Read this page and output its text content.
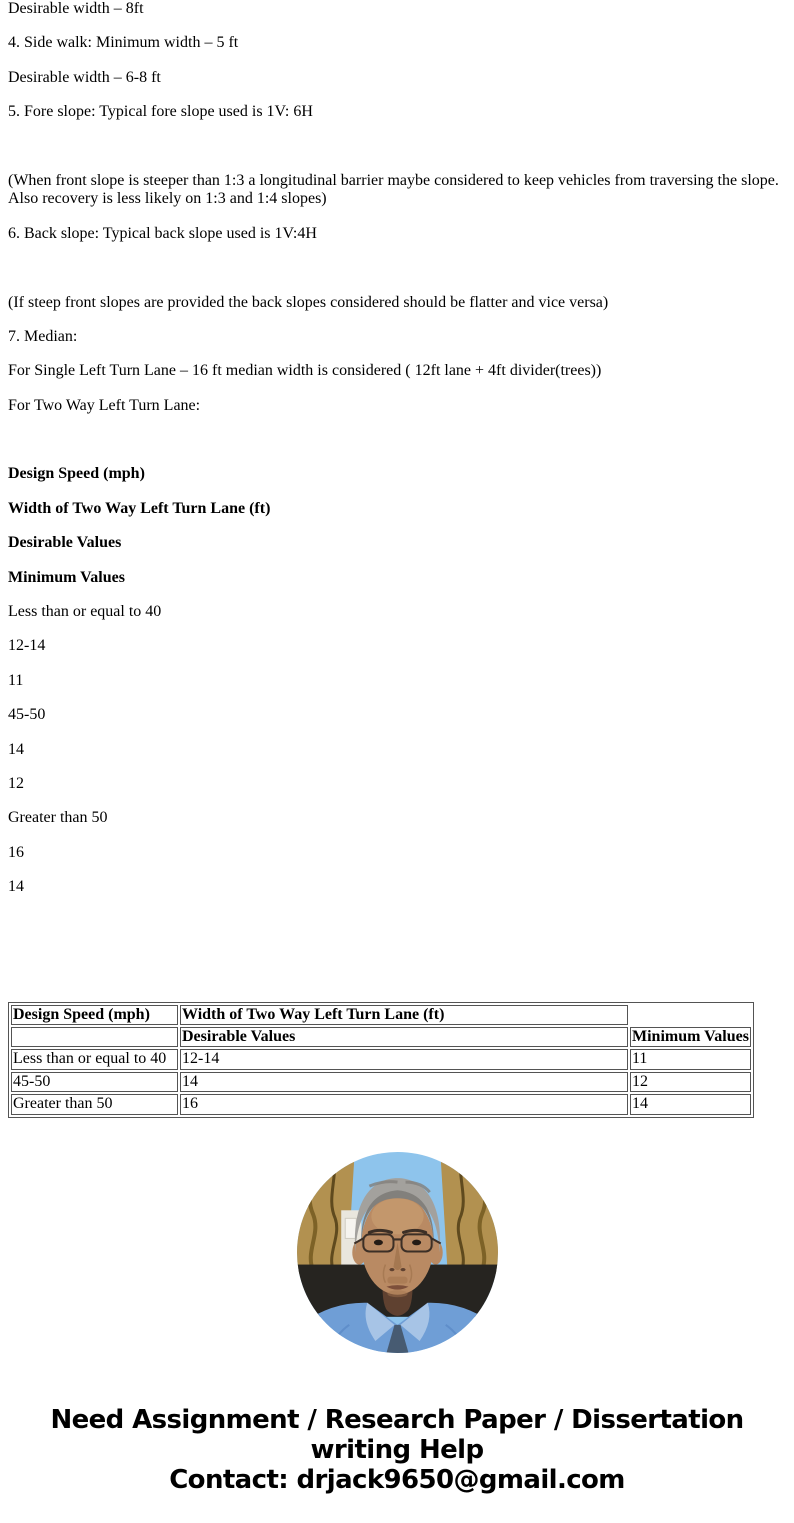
Desirable width – 8ft

4. Side walk: Minimum width – 5 ft

Desirable width – 6-8 ft

5. Fore slope: Typical fore slope used is 1V: 6H

(When front slope is steeper than 1:3 a longitudinal barrier maybe considered to keep vehicles from traversing the slope. Also recovery is less likely on 1:3 and 1:4 slopes)

6. Back slope: Typical back slope used is 1V:4H

(If steep front slopes are provided the back slopes considered should be flatter and vice versa)

7. Median:

For Single Left Turn Lane – 16 ft median width is considered ( 12ft lane + 4ft divider(trees))

For Two Way Left Turn Lane:

Design Speed (mph)

Width of Two Way Left Turn Lane (ft)

Desirable Values

Minimum Values

Less than or equal to 40

12-14

11

45-50

14

12

Greater than 50

16

14

Design Speed (mph)	Width of Two Way Left Turn Lane (ft)	
	Desirable Values	Minimum Values
Less than or equal to 40	12-14	11
45-50	14	12
Greater than 50	16	14
Need Assignment / Research Paper / Dissertation writing Help
Contact: drjack9650@gmail.com
